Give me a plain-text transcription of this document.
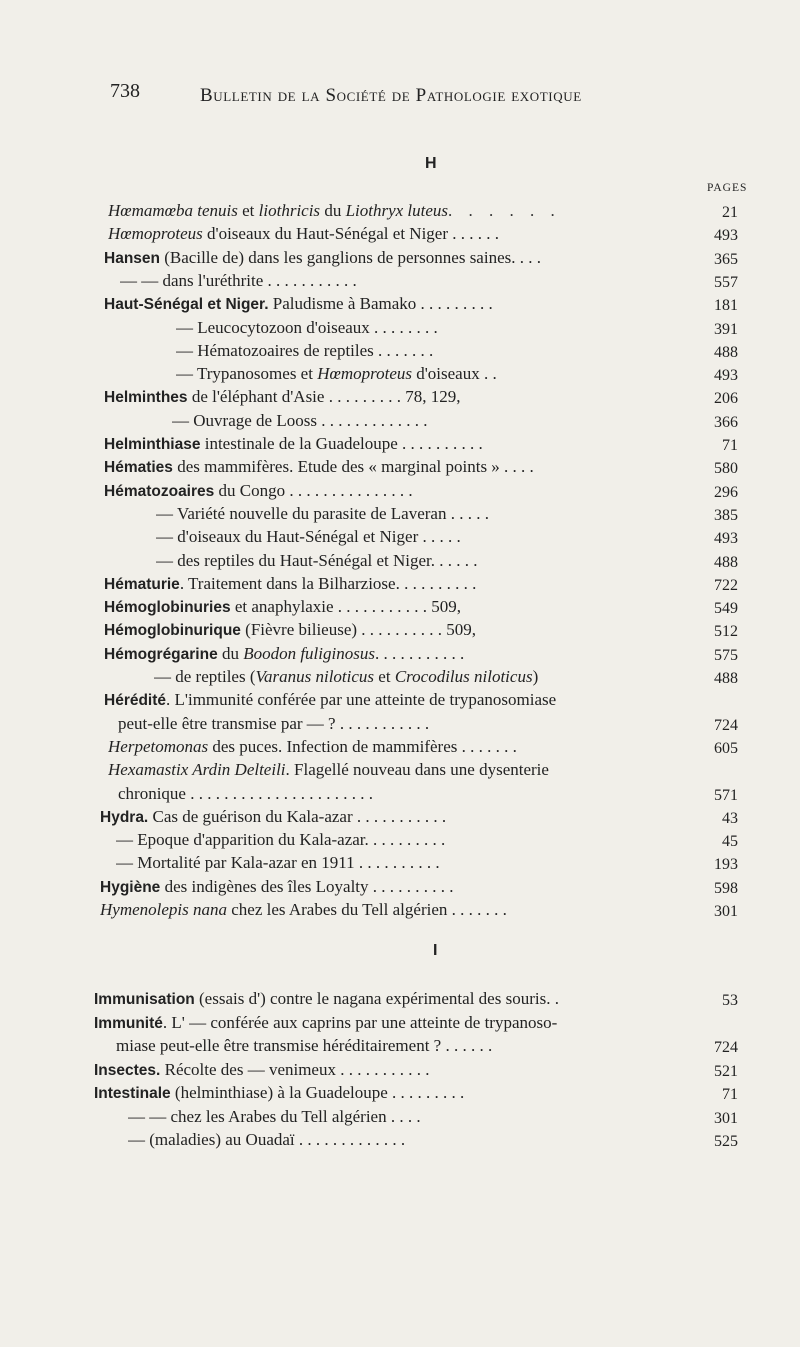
738	Bulletin de la Société de Pathologie exotique
H
PAGES
I
Hœmamœba tenuis et liothricis du Liothryx luteus. . . . . .	21
Hœmoproteus d'oiseaux du Haut-Sénégal et Niger . . . . . .	493
Hansen (Bacille de) dans les ganglions de personnes saines. . . .	365
— — dans l'uréthrite . . . . . . . . . . .	557
Haut-Sénégal et Niger. Paludisme à Bamako . . . . . . . . .	181
— Leucocytozoon d'oiseaux . . . . . . . .	391
— Hématozoaires de reptiles . . . . . . .	488
— Trypanosomes et Hœmoproteus d'oiseaux . .	493
Helminthes de l'éléphant d'Asie . . . . . . . . . 78, 129,	206
— Ouvrage de Looss . . . . . . . . . . . . .	366
Helminthiase intestinale de la Guadeloupe . . . . . . . . . .	71
Hématies des mammifères. Etude des « marginal points » . . . .	580
Hématozoaires du Congo . . . . . . . . . . . . . . .	296
— Variété nouvelle du parasite de Laveran . . . . .	385
— d'oiseaux du Haut-Sénégal et Niger . . . . .	493
— des reptiles du Haut-Sénégal et Niger. . . . . .	488
Hématurie. Traitement dans la Bilharziose. . . . . . . . . .	722
Hémoglobinuries et anaphylaxie . . . . . . . . . . . 509,	549
Hémoglobinurique (Fièvre bilieuse) . . . . . . . . . . 509,	512
Hémogrégarine du Boodon fuliginosus. . . . . . . . . . .	575
— de reptiles (Varanus niloticus et Crocodilus niloticus)	488
Hérédité. L'immunité conférée par une atteinte de trypanosomiase
peut-elle être transmise par — ? . . . . . . . . . . .	724
Herpetomonas des puces. Infection de mammifères . . . . . . .	605
Hexamastix Ardin Delteili. Flagellé nouveau dans une dysenterie
chronique . . . . . . . . . . . . . . . . . . . . . .	571
Hydra. Cas de guérison du Kala-azar . . . . . . . . . . .	43
— Epoque d'apparition du Kala-azar. . . . . . . . . .	45
— Mortalité par Kala-azar en 1911 . . . . . . . . . .	193
Hygiène des indigènes des îles Loyalty . . . . . . . . . .	598
Hymenolepis nana chez les Arabes du Tell algérien . . . . . . .	301
Immunisation (essais d') contre le nagana expérimental des souris. .	53
Immunité. L' — conférée aux caprins par une atteinte de trypanoso-
miase peut-elle être transmise héréditairement ? . . . . . .	724
Insectes. Récolte des — venimeux . . . . . . . . . . .	521
Intestinale (helminthiase) à la Guadeloupe . . . . . . . . .	71
— — chez les Arabes du Tell algérien . . . .	301
— (maladies) au Ouadaï . . . . . . . . . . . . .	525
